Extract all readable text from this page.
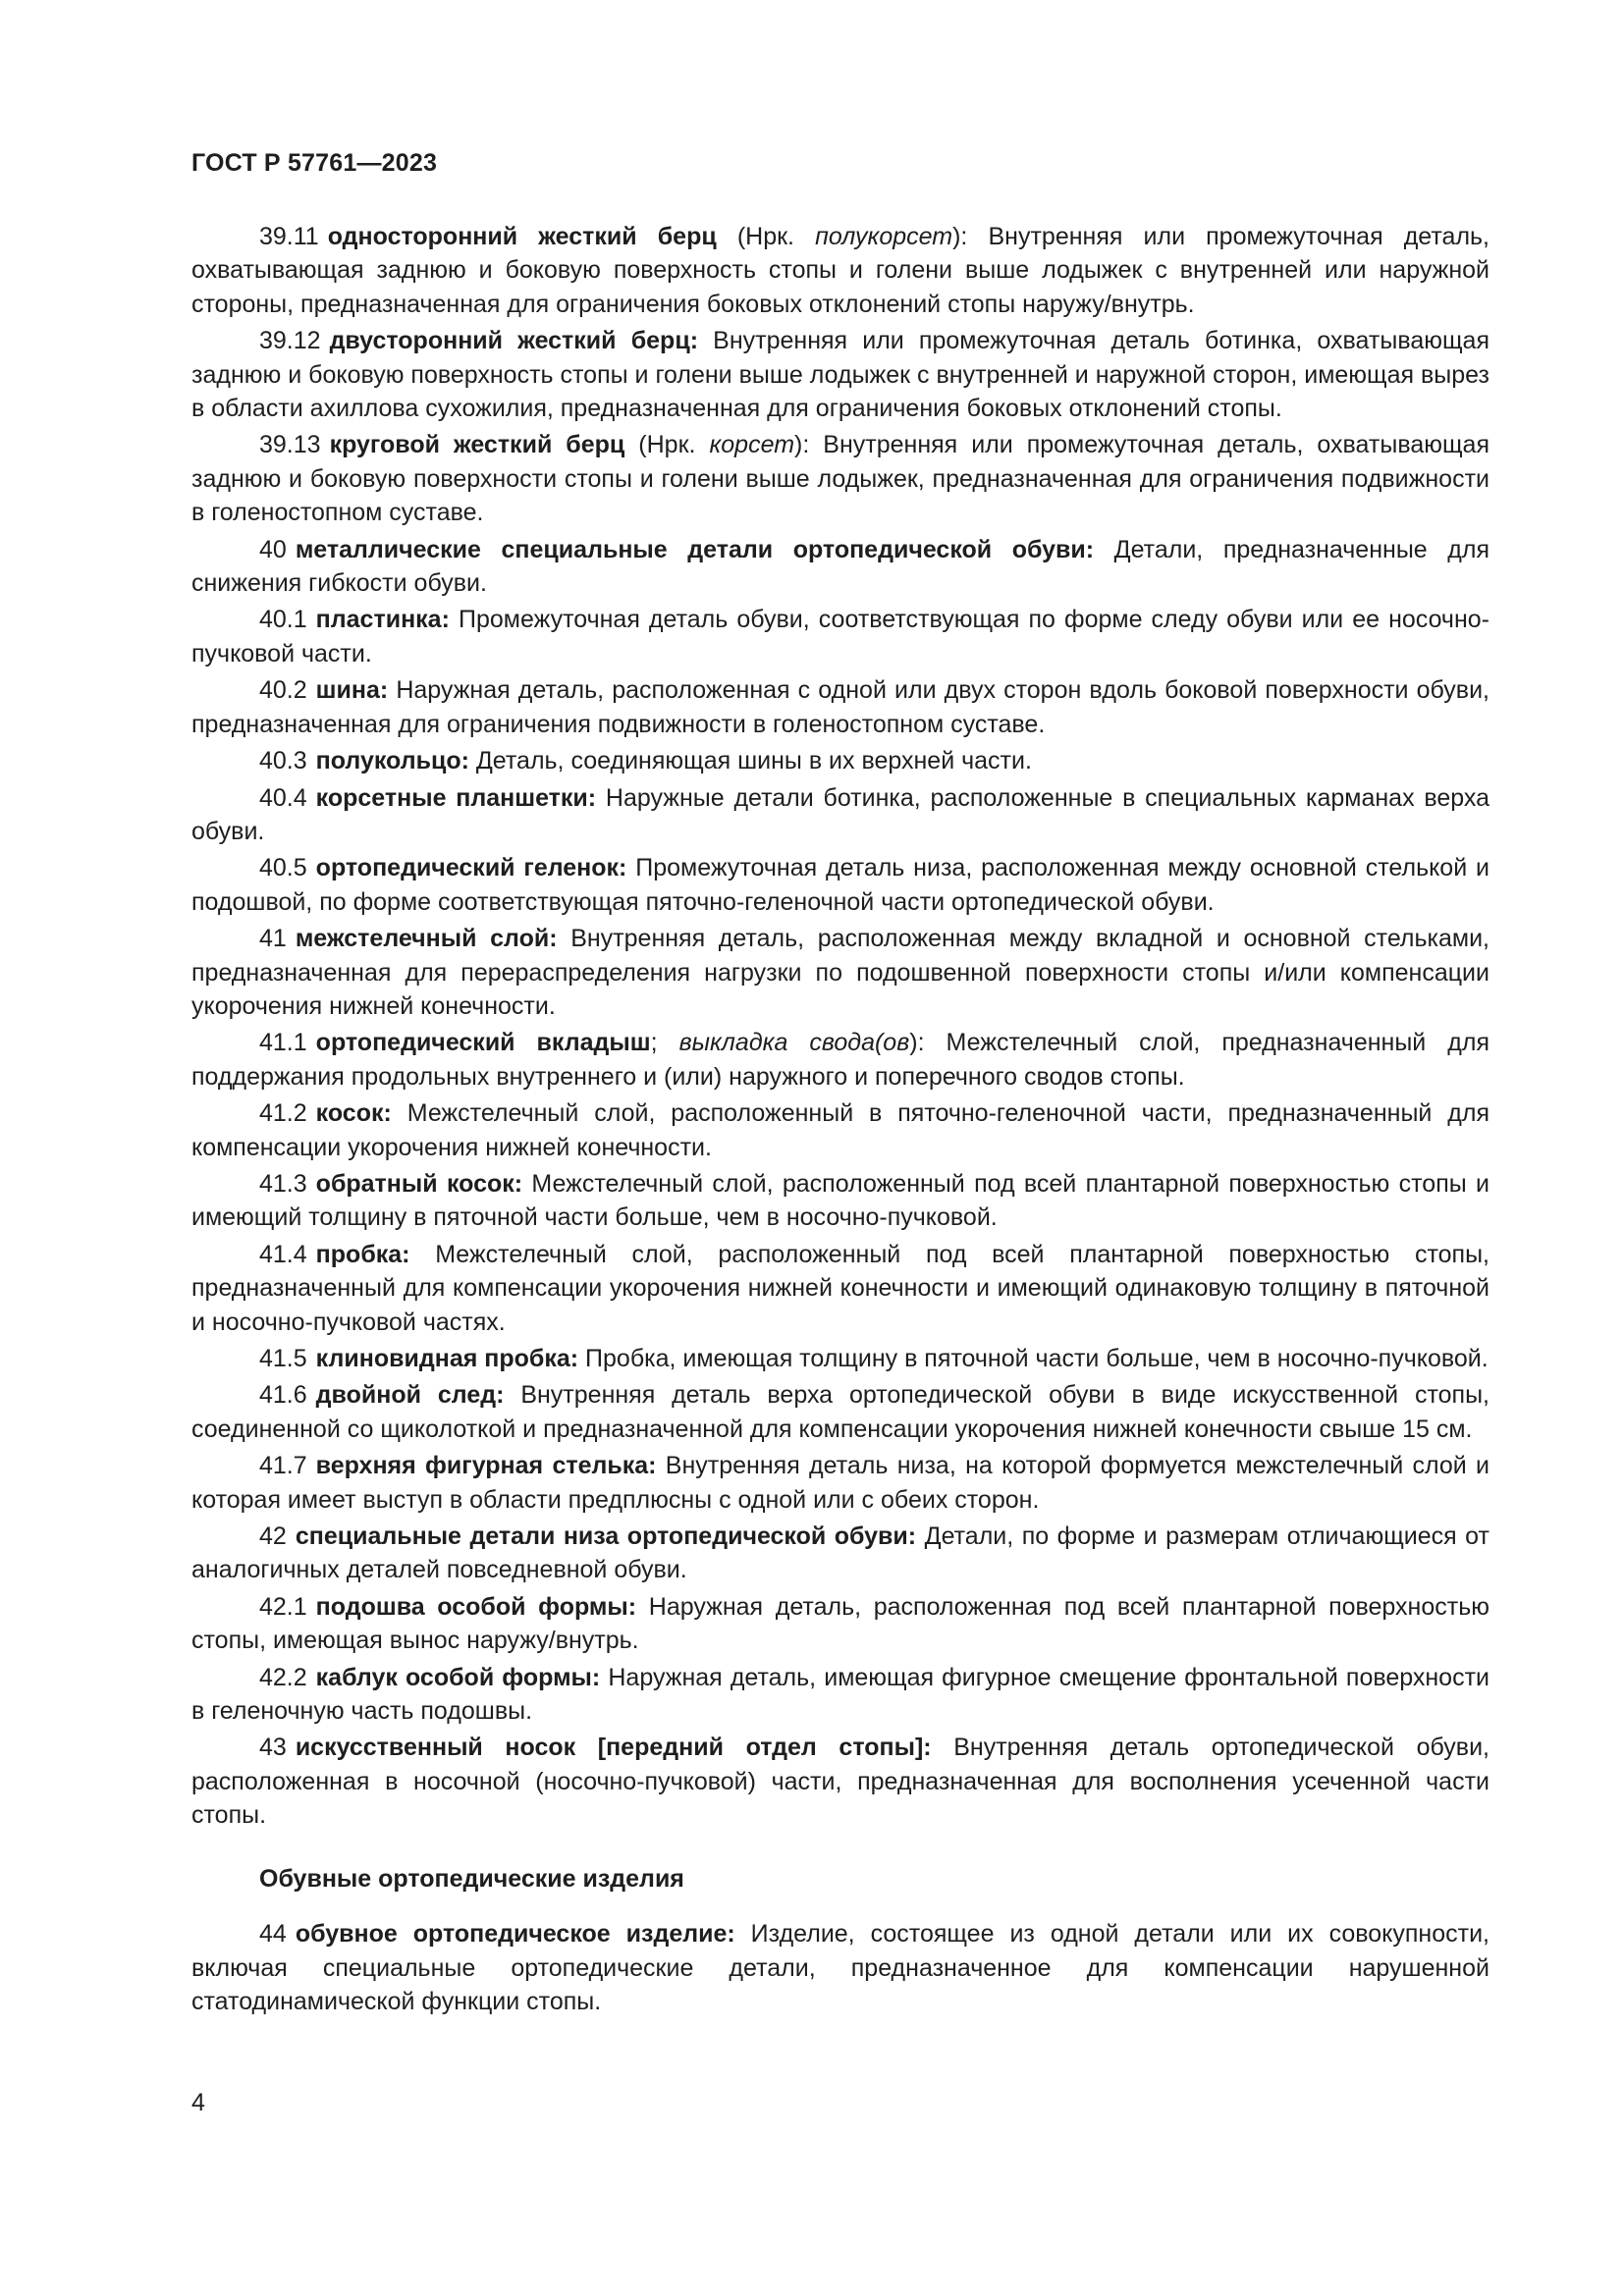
ГОСТ Р 57761—2023

39.11 односторонний жесткий берц (Нрк. полукорсет): Внутренняя или промежуточная деталь, охватывающая заднюю и боковую поверхность стопы и голени выше лодыжек с внутренней или наружной стороны, предназначенная для ограничения боковых отклонений стопы наружу/внутрь.

39.12 двусторонний жесткий берц: Внутренняя или промежуточная деталь ботинка, охватывающая заднюю и боковую поверхность стопы и голени выше лодыжек с внутренней и наружной сторон, имеющая вырез в области ахиллова сухожилия, предназначенная для ограничения боковых отклонений стопы.

39.13 круговой жесткий берц (Нрк. корсет): Внутренняя или промежуточная деталь, охватывающая заднюю и боковую поверхности стопы и голени выше лодыжек, предназначенная для ограничения подвижности в голеностопном суставе.

40 металлические специальные детали ортопедической обуви: Детали, предназначенные для снижения гибкости обуви.

40.1 пластинка: Промежуточная деталь обуви, соответствующая по форме следу обуви или ее носочно-пучковой части.

40.2 шина: Наружная деталь, расположенная с одной или двух сторон вдоль боковой поверхности обуви, предназначенная для ограничения подвижности в голеностопном суставе.

40.3 полукольцо: Деталь, соединяющая шины в их верхней части.

40.4 корсетные планшетки: Наружные детали ботинка, расположенные в специальных карманах верха обуви.

40.5 ортопедический геленок: Промежуточная деталь низа, расположенная между основной стелькой и подошвой, по форме соответствующая пяточно-геленочной части ортопедической обуви.

41 межстелечный слой: Внутренняя деталь, расположенная между вкладной и основной стельками, предназначенная для перераспределения нагрузки по подошвенной поверхности стопы и/или компенсации укорочения нижней конечности.

41.1 ортопедический вкладыш; выкладка свода(ов): Межстелечный слой, предназначенный для поддержания продольных внутреннего и (или) наружного и поперечного сводов стопы.

41.2 косок: Межстелечный слой, расположенный в пяточно-геленочной части, предназначенный для компенсации укорочения нижней конечности.

41.3 обратный косок: Межстелечный слой, расположенный под всей плантарной поверхностью стопы и имеющий толщину в пяточной части больше, чем в носочно-пучковой.

41.4 пробка: Межстелечный слой, расположенный под всей плантарной поверхностью стопы, предназначенный для компенсации укорочения нижней конечности и имеющий одинаковую толщину в пяточной и носочно-пучковой частях.

41.5 клиновидная пробка: Пробка, имеющая толщину в пяточной части больше, чем в носочно-пучковой.

41.6 двойной след: Внутренняя деталь верха ортопедической обуви в виде искусственной стопы, соединенной со щиколоткой и предназначенной для компенсации укорочения нижней конечности свыше 15 см.

41.7 верхняя фигурная стелька: Внутренняя деталь низа, на которой формуется межстелечный слой и которая имеет выступ в области предплюсны с одной или с обеих сторон.

42 специальные детали низа ортопедической обуви: Детали, по форме и размерам отличающиеся от аналогичных деталей повседневной обуви.

42.1 подошва особой формы: Наружная деталь, расположенная под всей плантарной поверхностью стопы, имеющая вынос наружу/внутрь.

42.2 каблук особой формы: Наружная деталь, имеющая фигурное смещение фронтальной поверхности в геленочную часть подошвы.

43 искусственный носок [передний отдел стопы]: Внутренняя деталь ортопедической обуви, расположенная в носочной (носочно-пучковой) части, предназначенная для восполнения усеченной части стопы.

Обувные ортопедические изделия

44 обувное ортопедическое изделие: Изделие, состоящее из одной детали или их совокупности, включая специальные ортопедические детали, предназначенное для компенсации нарушенной статодинамической функции стопы.

4
